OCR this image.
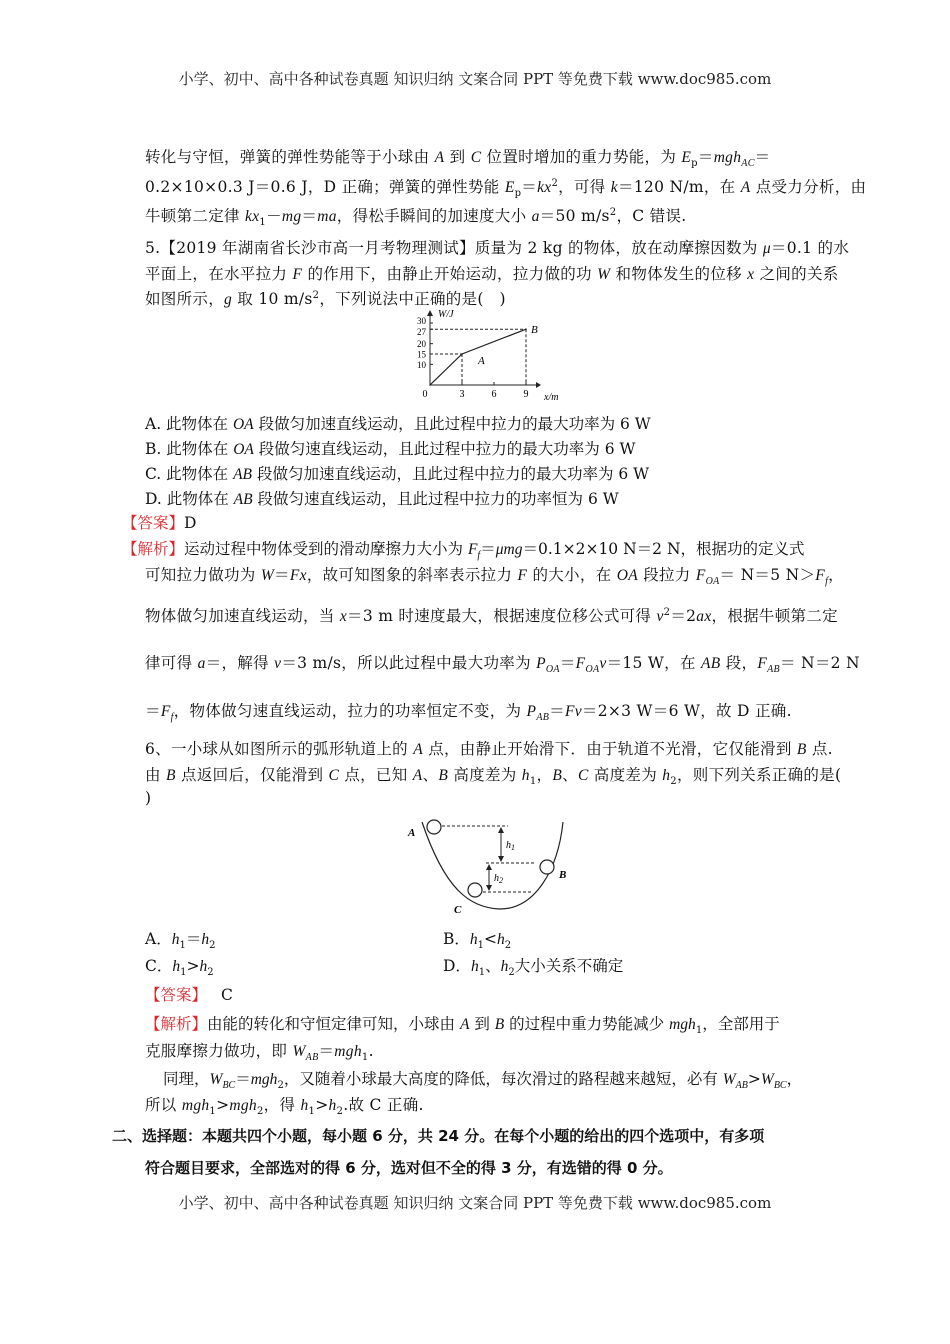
小学、初中、高中各种试卷真题 知识归纳 文案合同 PPT 等免费下载 www.doc985.com
转化与守恒，弹簧的弹性势能等于小球由 A 到 C 位置时增加的重力势能，为 $E_p=mgh_{AC}=$
0.2×10×0.3 J＝0.6 J，D 正确；弹簧的弹性势能 $E_p=kx^2$，可得 k＝120 N/m，在 A 点受力分析，由
牛顿第二定律 $kx_1-mg=ma$，得松手瞬间的加速度大小 a＝50 $m/s^2$，C 错误.
5.【2019 年湖南省长沙市高一月考物理测试】质量为 2 kg 的物体，放在动摩擦因数为 μ＝0.1 的水
平面上，在水平拉力 F 的作用下，由静止开始运动，拉力做的功 W 和物体发生的位移 x 之间的关系
如图所示，g 取 10 $m/s^2$，下列说法中正确的是(　)
30
27
20
15
10
0	3	6	9
W/J
x/m
A
B
A. 此物体在 OA 段做匀加速直线运动，且此过程中拉力的最大功率为 6 W
B. 此物体在 OA 段做匀速直线运动，且此过程中拉力的最大功率为 6 W
C. 此物体在 AB 段做匀加速直线运动，且此过程中拉力的最大功率为 6 W
D. 此物体在 AB 段做匀速直线运动，且此过程中拉力的功率恒为 6 W
【答案】D
【解析】运动过程中物体受到的滑动摩擦力大小为 $F_f=\mu mg=0.1\times 2\times 10$ N＝2 N，根据功的定义式
可知拉力做功为 W＝Fx，故可知图象的斜率表示拉力 F 的大小，在 OA 段拉力 $F_{OA}= N=5$ $N>F_f$，
物体做匀加速直线运动，当 x＝3 m 时速度最大，根据速度位移公式可得 $v^2=2ax$，根据牛顿第二定
律可得 a＝，解得 v＝3 m/s，所以此过程中最大功率为 $P_{OA}=F_{OA}v=15$ W，在 AB 段，$F_{AB}= N=2$ N
$=F_f$，物体做匀速直线运动，拉力的功率恒定不变，为 $P_{AB}=Fv=2\times 3$ W＝6 W，故 D 正确.
6、一小球从如图所示的弧形轨道上的 A 点，由静止开始滑下．由于轨道不光滑，它仅能滑到 B 点.
由 B 点返回后，仅能滑到 C 点，已知 A、B 高度差为 $h_1$，B、C 高度差为 $h_2$，则下列关系正确的是(
)
A
B
C
$h_1$
$h_2$
A．$h_1=h_2$	B．$h_1<h_2$
C．$h_1>h_2$	D．$h_1$、$h_2$大小关系不确定
【答案】 C
【解析】由能的转化和守恒定律可知，小球由 A 到 B 的过程中重力势能减少 mgh$_1$，全部用于
克服摩擦力做功，即 $W_{AB}=mgh_1$.
同理，$W_{BC}=mgh_2$，又随着小球最大高度的降低，每次滑过的路程越来越短，必有 $W_{AB}>W_{BC}$，
所以 mgh$_1$>mgh$_2$，得 $h_1>h_2$.故 C 正确.
二、选择题：本题共四个小题，每小题 6 分，共 24 分。在每个小题的给出的四个选项中，有多项
符合题目要求，全部选对的得 6 分，选对但不全的得 3 分，有选错的得 0 分。
小学、初中、高中各种试卷真题 知识归纳 文案合同 PPT 等免费下载 www.doc985.com
